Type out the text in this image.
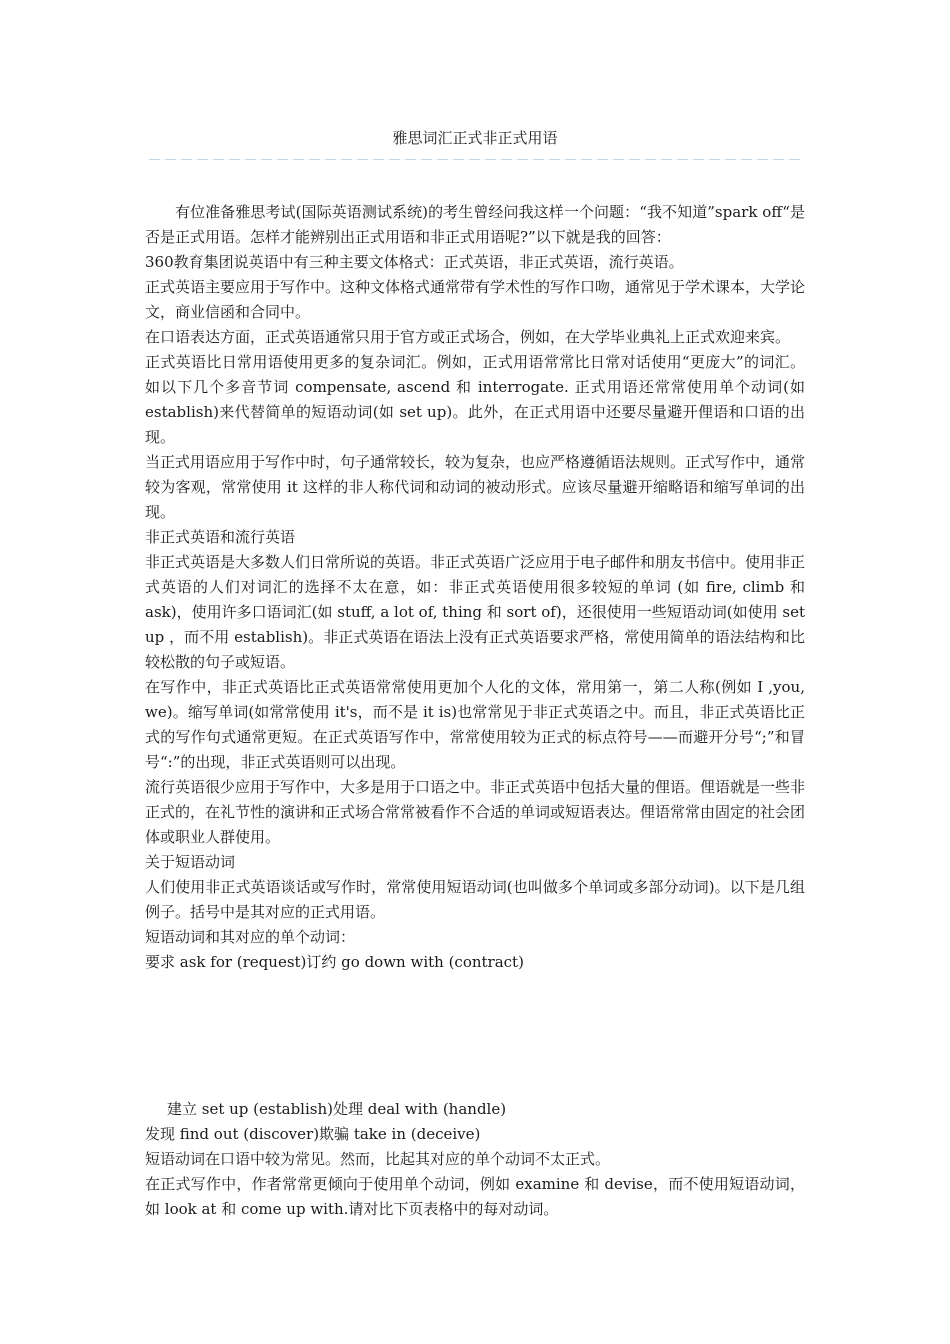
雅思词汇正式非正式用语
－－－－－－－－－－－－－－－－－－－－－－－－－－－－－－－－－－－－－－－－－

有位准备雅思考试(国际英语测试系统)的考生曾经问我这样一个问题：“我不知道”spark off“是否是正式用语。怎样才能辨别出正式用语和非正式用语呢?”以下就是我的回答：

360教育集团说英语中有三种主要文体格式：正式英语，非正式英语，流行英语。

正式英语主要应用于写作中。这种文体格式通常带有学术性的写作口吻，通常见于学术课本，大学论文，商业信函和合同中。

在口语表达方面，正式英语通常只用于官方或正式场合，例如，在大学毕业典礼上正式欢迎来宾。

正式英语比日常用语使用更多的复杂词汇。例如，正式用语常常比日常对话使用“更庞大”的词汇。如以下几个多音节词 compensate, ascend 和 interrogate. 正式用语还常常使用单个动词(如 establish)来代替简单的短语动词(如 set up)。此外，在正式用语中还要尽量避开俚语和口语的出现。

当正式用语应用于写作中时，句子通常较长，较为复杂，也应严格遵循语法规则。正式写作中，通常较为客观，常常使用 it 这样的非人称代词和动词的被动形式。应该尽量避开缩略语和缩写单词的出现。

非正式英语和流行英语

非正式英语是大多数人们日常所说的英语。非正式英语广泛应用于电子邮件和朋友书信中。使用非正式英语的人们对词汇的选择不太在意，如：非正式英语使用很多较短的单词 (如 fire, climb 和 ask)，使用许多口语词汇(如 stuff, a lot of, thing 和 sort of)，还很使用一些短语动词(如使用 set up ，而不用 establish)。非正式英语在语法上没有正式英语要求严格，常使用简单的语法结构和比较松散的句子或短语。

在写作中，非正式英语比正式英语常常使用更加个人化的文体，常用第一，第二人称(例如 I ,you, we)。缩写单词(如常常使用 it's，而不是 it is)也常常见于非正式英语之中。而且，非正式英语比正式的写作句式通常更短。在正式英语写作中，常常使用较为正式的标点符号——而避开分号“;”和冒号“:”的出现，非正式英语则可以出现。

流行英语很少应用于写作中，大多是用于口语之中。非正式英语中包括大量的俚语。俚语就是一些非正式的，在礼节性的演讲和正式场合常常被看作不合适的单词或短语表达。俚语常常由固定的社会团体或职业人群使用。

关于短语动词

人们使用非正式英语谈话或写作时，常常使用短语动词(也叫做多个单词或多部分动词)。以下是几组例子。括号中是其对应的正式用语。

短语动词和其对应的单个动词：

要求 ask for (request)订约 go down with (contract)

建立 set up (establish)处理 deal with (handle)

发现 find out (discover)欺骗 take in (deceive)

短语动词在口语中较为常见。然而，比起其对应的单个动词不太正式。

在正式写作中，作者常常更倾向于使用单个动词，例如 examine 和 devise，而不使用短语动词，如 look at 和 come up with.请对比下页表格中的每对动词。
